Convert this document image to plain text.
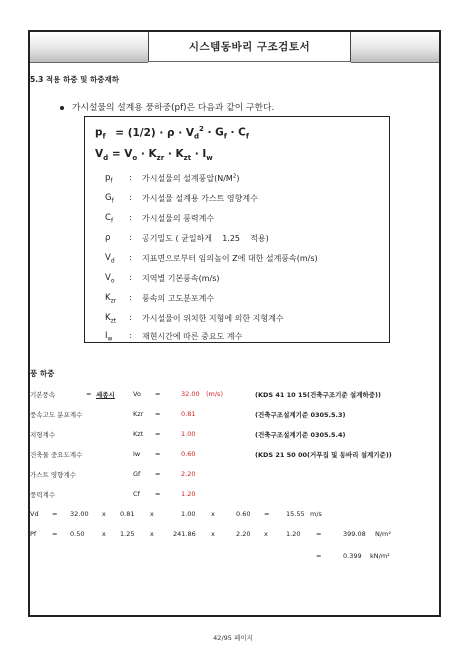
시스템동바리 구조검토서
5.3 적용 하중 및 하중재하
가시설물의 설계용 풍하중(pf)은 다음과 같이 구한다.
$p_f = (1/2) \cdot \rho \cdot V_d^2 \cdot G_f \cdot C_f$
$V_d = V_o \cdot K_{zr} \cdot K_{zt} \cdot I_w$
$p_f$	: 가시설물의 설계풍압$(N/M^2)$
$G_f$	: 가시설물 설계용 가스트 영향계수
$C_f$	: 가시설물의 풍력계수
ρ	: 공기밀도 ( 균일하게    1.25    적용)
$V_d$	: 지표면으로부터 임의높이 Z에 대한 설계풍속(m/s)
$V_o$	: 지역별 기본풍속(m/s)
$K_{zr}$	: 풍속의 고도분포계수
$K_{zt}$	: 가시설물이 위치한 지형에 의한 지형계수
$I_w$	: 재현시간에 따른 중요도 계수
풍 하중
기본풍속	= 세종시	Vo =	32.00 (m/s)	(KDS 41 10 15(건축구조기준 설계하중))
풍속고도 분포계수	Kzr =	0.81	(건축구조설계기준 0305.5.3)
지형계수	Kzt =	1.00	(건축구조설계기준 0305.5.4)
건축물 중요도계수	Iw =	0.60	(KDS 21 50 00(거푸집 및 동바리 설계기준))
가스트 영향계수	Gf =	2.20
풍력계수	Cf =	1.20
Vd = 32.00 x 0.81 x	1.00 x	0.60 =	15.55 m/s
Pf = 0.50	x 1.25 x	241.86 x	2.20 x	1.20 =	399.08 N/m²
=	0.399 kN/m²
42/95 페이지
